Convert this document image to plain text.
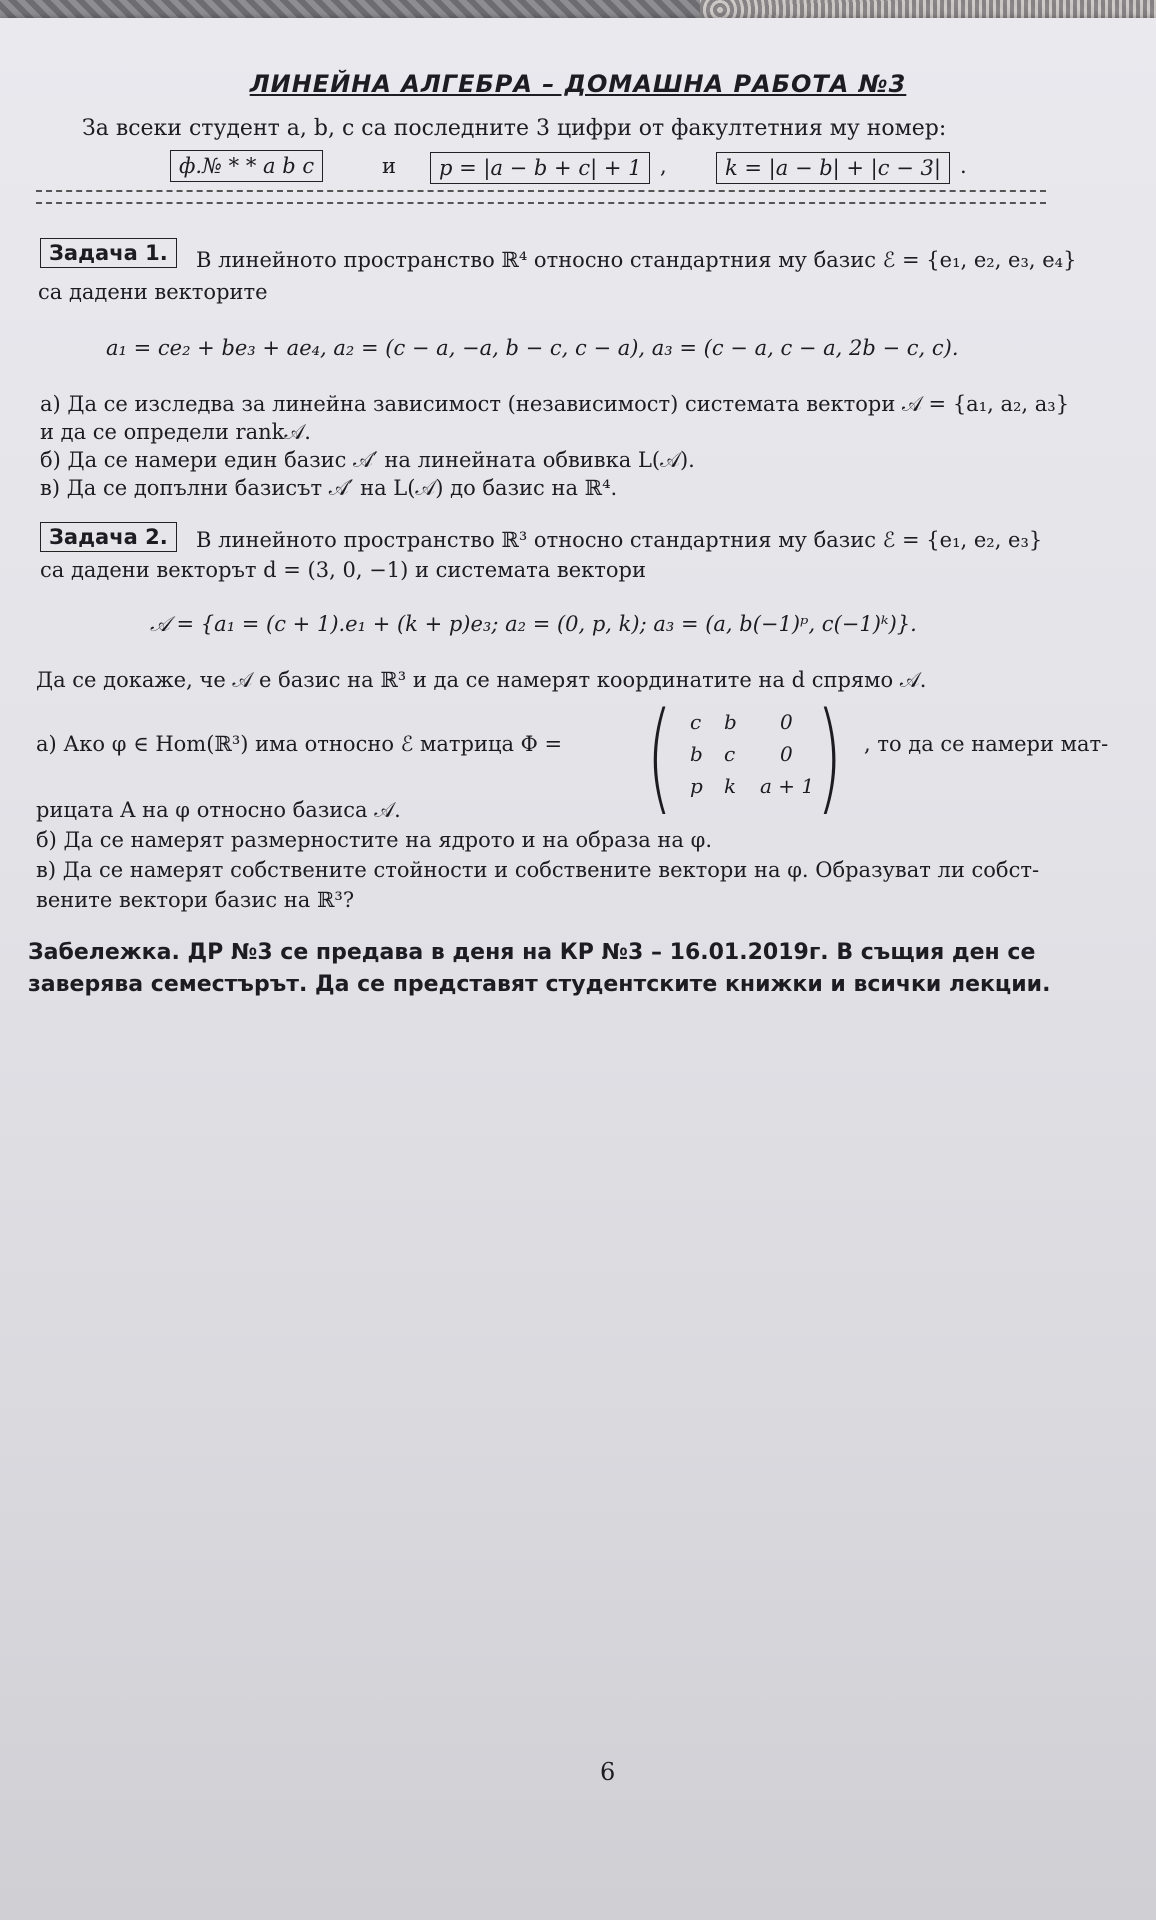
ЛИНЕЙНА АЛГЕБРА – ДОМАШНА РАБОТА №3
За всеки студент a, b, c са последните 3 цифри от факултетния му номер:
ф.№ * * a b c	и	p = |a − b + c| + 1 ,	k = |a − b| + |c − 3| .
Задача 1.	В линейното пространство ℝ⁴ относно стандартния му базис ℰ = {e₁, e₂, e₃, e₄}
са дадени векторите
a₁ = ce₂ + be₃ + ae₄, a₂ = (c − a, −a, b − c, c − a), a₃ = (c − a, c − a, 2b − c, c).
а) Да се изследва за линейна зависимост (независимост) системата вектори 𝒜 = {a₁, a₂, a₃}
и да се определи rank𝒜.
б) Да се намери един базис 𝒜′ на линейната обвивка L(𝒜).
в) Да се допълни базисът 𝒜′ на L(𝒜) до базис на ℝ⁴.
Задача 2.	В линейното пространство ℝ³ относно стандартния му базис ℰ = {e₁, e₂, e₃}
са дадени векторът d = (3, 0, −1) и системата вектори
𝒜 = {a₁ = (c + 1).e₁ + (k + p)e₃; a₂ = (0, p, k); a₃ = (a, b(−1)ᵖ, c(−1)ᵏ)}.
Да се докаже, че 𝒜 е базис на ℝ³ и да се намерят координатите на d спрямо 𝒜.
а) Ако φ ∈ Hom(ℝ³) има относно ℰ матрица Φ = ( c b 0
b c 0
p k a + 1 ) , то да се намери мат-
рицата A на φ относно базиса 𝒜.
б) Да се намерят размерностите на ядрото и на образа на φ.
в) Да се намерят собствените стойности и собствените вектори на φ. Образуват ли собст-
вените вектори базис на ℝ³?
Забележка. ДР №3 се предава в деня на КР №3 – 16.01.2019г. В същия ден се
заверява семестърът. Да се представят студентските книжки и всички лекции.
6
